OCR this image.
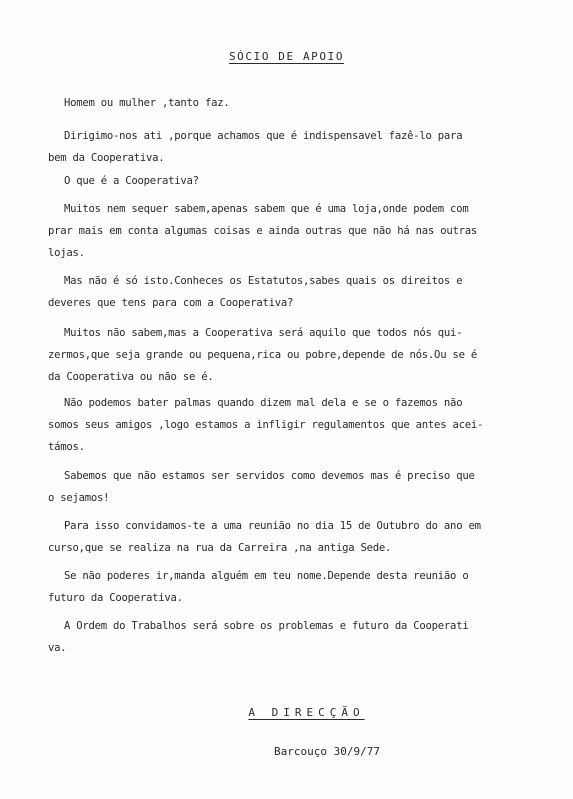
SÓCIO DE APOIO
Homem ou mulher ,tanto faz.
Dirigimo-nos ati ,porque achamos que é indispensavel fazê-lo para
bem da Cooperativa.
O que é a Cooperativa?
Muitos nem sequer sabem,apenas sabem que é uma loja,onde podem com
prar mais em conta algumas coisas e ainda outras que não há nas outras
lojas.
Mas não é só isto.Conheces os Estatutos,sabes quais os direitos e
deveres que tens para com a Cooperativa?
Muitos não sabem,mas a Cooperativa será aquilo que todos nós qui-
zermos,que seja grande ou pequena,rica ou pobre,depende de nós.Ou se é
da Cooperativa ou não se é.
Não podemos bater palmas quando dizem mal dela e se o fazemos não
somos seus amigos ,logo estamos a infligir regulamentos que antes acei-
támos.
Sabemos que não estamos ser servidos como devemos mas é preciso que
o sejamos!
Para isso convidamos-te a uma reunião no dia 15 de Outubro do ano em
curso,que se realiza na rua da Carreira ,na antiga Sede.
Se não poderes ir,manda alguém em teu nome.Depende desta reunião o
futuro da Cooperativa.
A Ordem do Trabalhos será sobre os problemas e futuro da Cooperati
va.
A DIRECÇÃO
Barcouço 30/9/77
